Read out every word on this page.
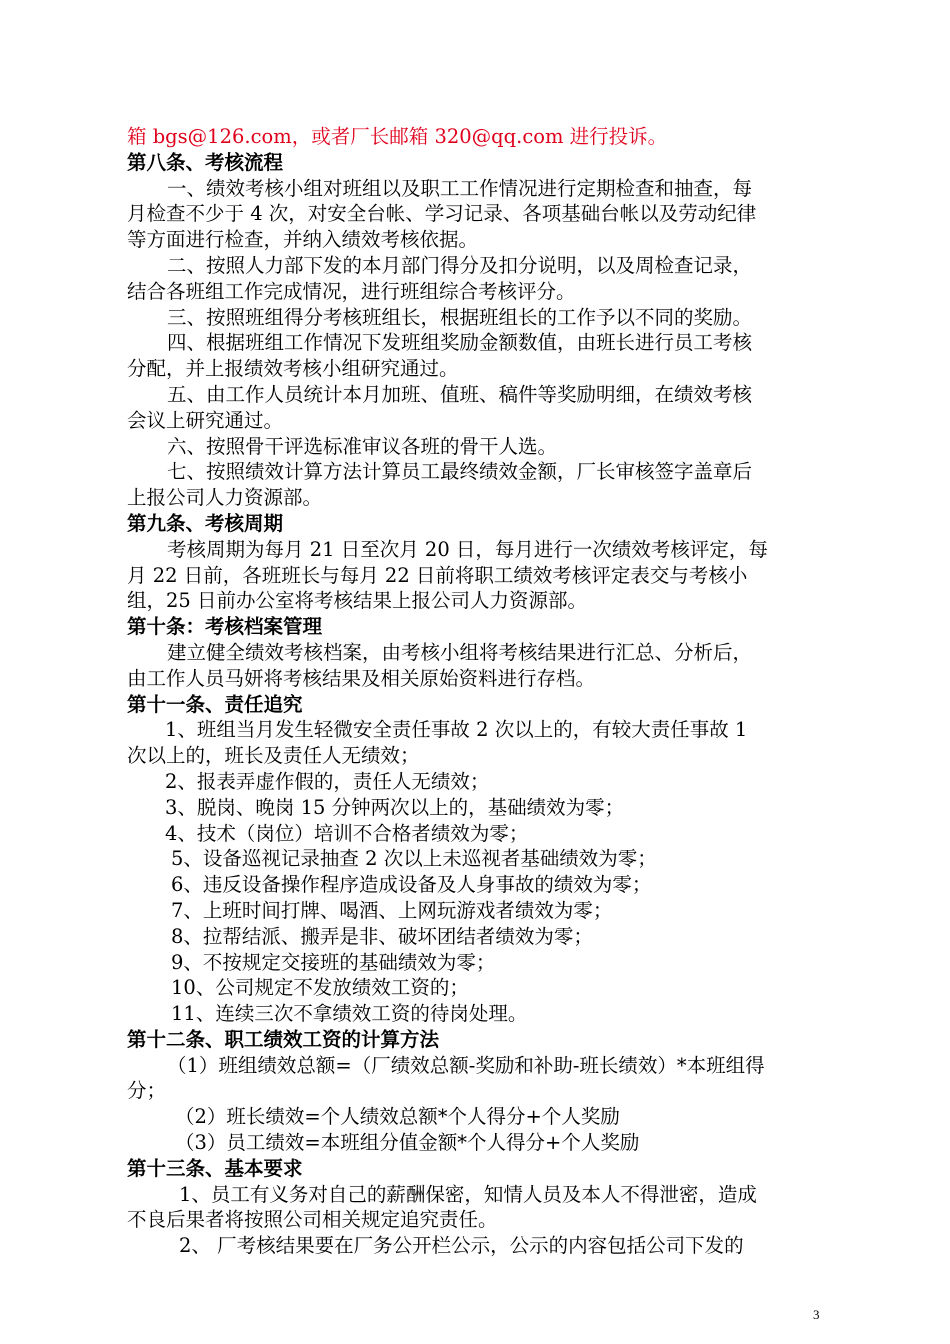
箱 bgs@126.com，或者厂长邮箱 320@qq.com 进行投诉。
第八条、考核流程
一、绩效考核小组对班组以及职工工作情况进行定期检查和抽查，每
月检查不少于 4 次，对安全台帐、学习记录、各项基础台帐以及劳动纪律
等方面进行检查，并纳入绩效考核依据。
二、按照人力部下发的本月部门得分及扣分说明，以及周检查记录，
结合各班组工作完成情况，进行班组综合考核评分。
三、按照班组得分考核班组长，根据班组长的工作予以不同的奖励。
四、根据班组工作情况下发班组奖励金额数值，由班长进行员工考核
分配，并上报绩效考核小组研究通过。
五、由工作人员统计本月加班、值班、稿件等奖励明细，在绩效考核
会议上研究通过。
六、按照骨干评选标准审议各班的骨干人选。
七、按照绩效计算方法计算员工最终绩效金额，厂长审核签字盖章后
上报公司人力资源部。
第九条、考核周期
考核周期为每月 21 日至次月 20 日，每月进行一次绩效考核评定，每
月 22 日前，各班班长与每月 22 日前将职工绩效考核评定表交与考核小
组，25 日前办公室将考核结果上报公司人力资源部。
第十条：考核档案管理
建立健全绩效考核档案，由考核小组将考核结果进行汇总、分析后，
由工作人员马妍将考核结果及相关原始资料进行存档。
第十一条、责任追究
1、班组当月发生轻微安全责任事故 2 次以上的，有较大责任事故 1
次以上的，班长及责任人无绩效；
2、报表弄虚作假的，责任人无绩效；
3、脱岗、晚岗 15 分钟两次以上的，基础绩效为零；
4、技术（岗位）培训不合格者绩效为零；
5、设备巡视记录抽查 2 次以上未巡视者基础绩效为零；
6、违反设备操作程序造成设备及人身事故的绩效为零；
7、上班时间打牌、喝酒、上网玩游戏者绩效为零；
8、拉帮结派、搬弄是非、破坏团结者绩效为零；
9、不按规定交接班的基础绩效为零；
10、公司规定不发放绩效工资的；
11、连续三次不拿绩效工资的待岗处理。
第十二条、职工绩效工资的计算方法
（1）班组绩效总额=（厂绩效总额-奖励和补助-班长绩效）*本班组得
分；
（2）班长绩效=个人绩效总额*个人得分+个人奖励
（3）员工绩效=本班组分值金额*个人得分+个人奖励
第十三条、基本要求
1、员工有义务对自己的薪酬保密，知情人员及本人不得泄密，造成
不良后果者将按照公司相关规定追究责任。
2、 厂考核结果要在厂务公开栏公示，公示的内容包括公司下发的
3
